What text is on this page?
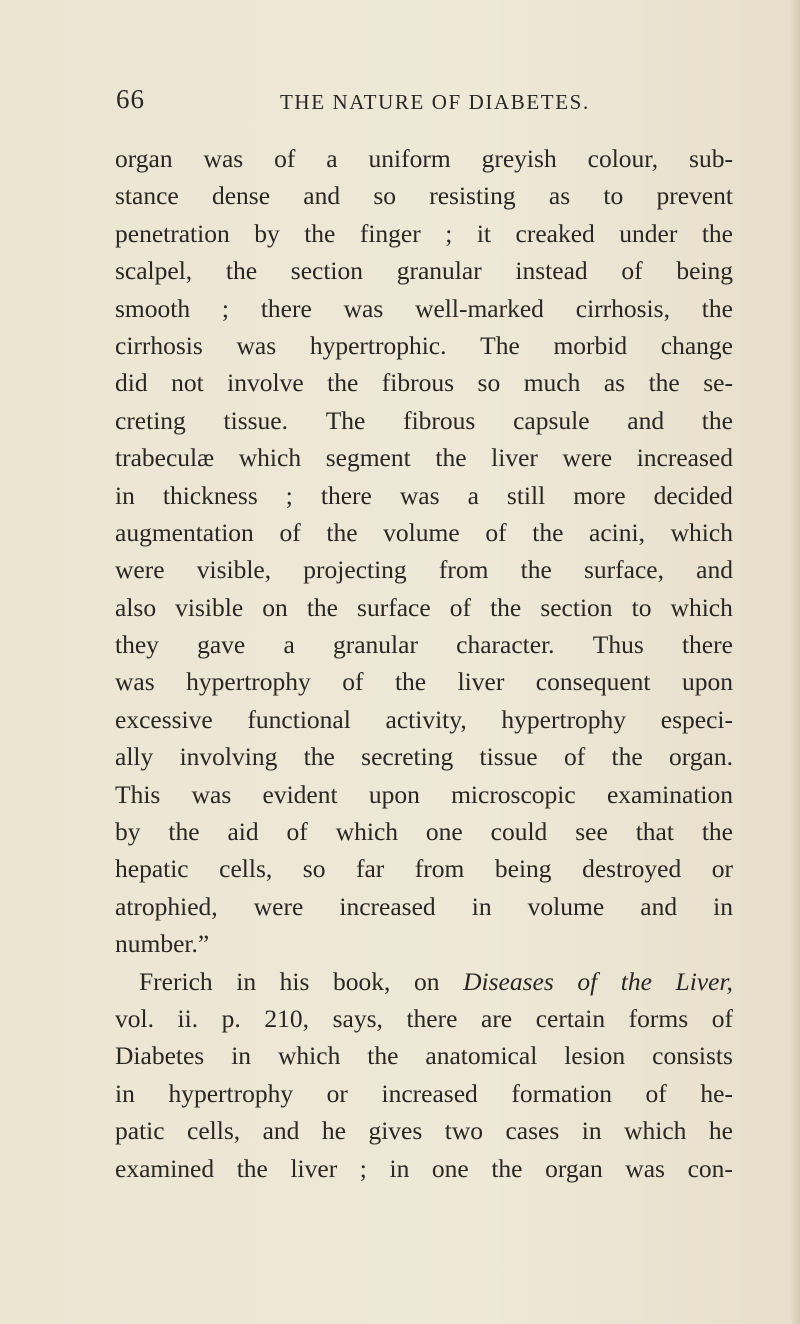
66	THE NATURE OF DIABETES.
organ was of a uniform greyish colour, sub-
stance dense and so resisting as to prevent
penetration by the finger ; it creaked under the
scalpel, the section granular instead of being
smooth ; there was well-marked cirrhosis, the
cirrhosis was hypertrophic. The morbid change
did not involve the fibrous so much as the se-
creting tissue. The fibrous capsule and the
trabeculæ which segment the liver were increased
in thickness ; there was a still more decided
augmentation of the volume of the acini, which
were visible, projecting from the surface, and
also visible on the surface of the section to which
they gave a granular character. Thus there
was hypertrophy of the liver consequent upon
excessive functional activity, hypertrophy especi-
ally involving the secreting tissue of the organ.
This was evident upon microscopic examination
by the aid of which one could see that the
hepatic cells, so far from being destroyed or
atrophied, were increased in volume and in
number.”
Frerich in his book, on Diseases of the Liver,
vol. ii. p. 210, says, there are certain forms of
Diabetes in which the anatomical lesion consists
in hypertrophy or increased formation of he-
patic cells, and he gives two cases in which he
examined the liver ; in one the organ was con-
